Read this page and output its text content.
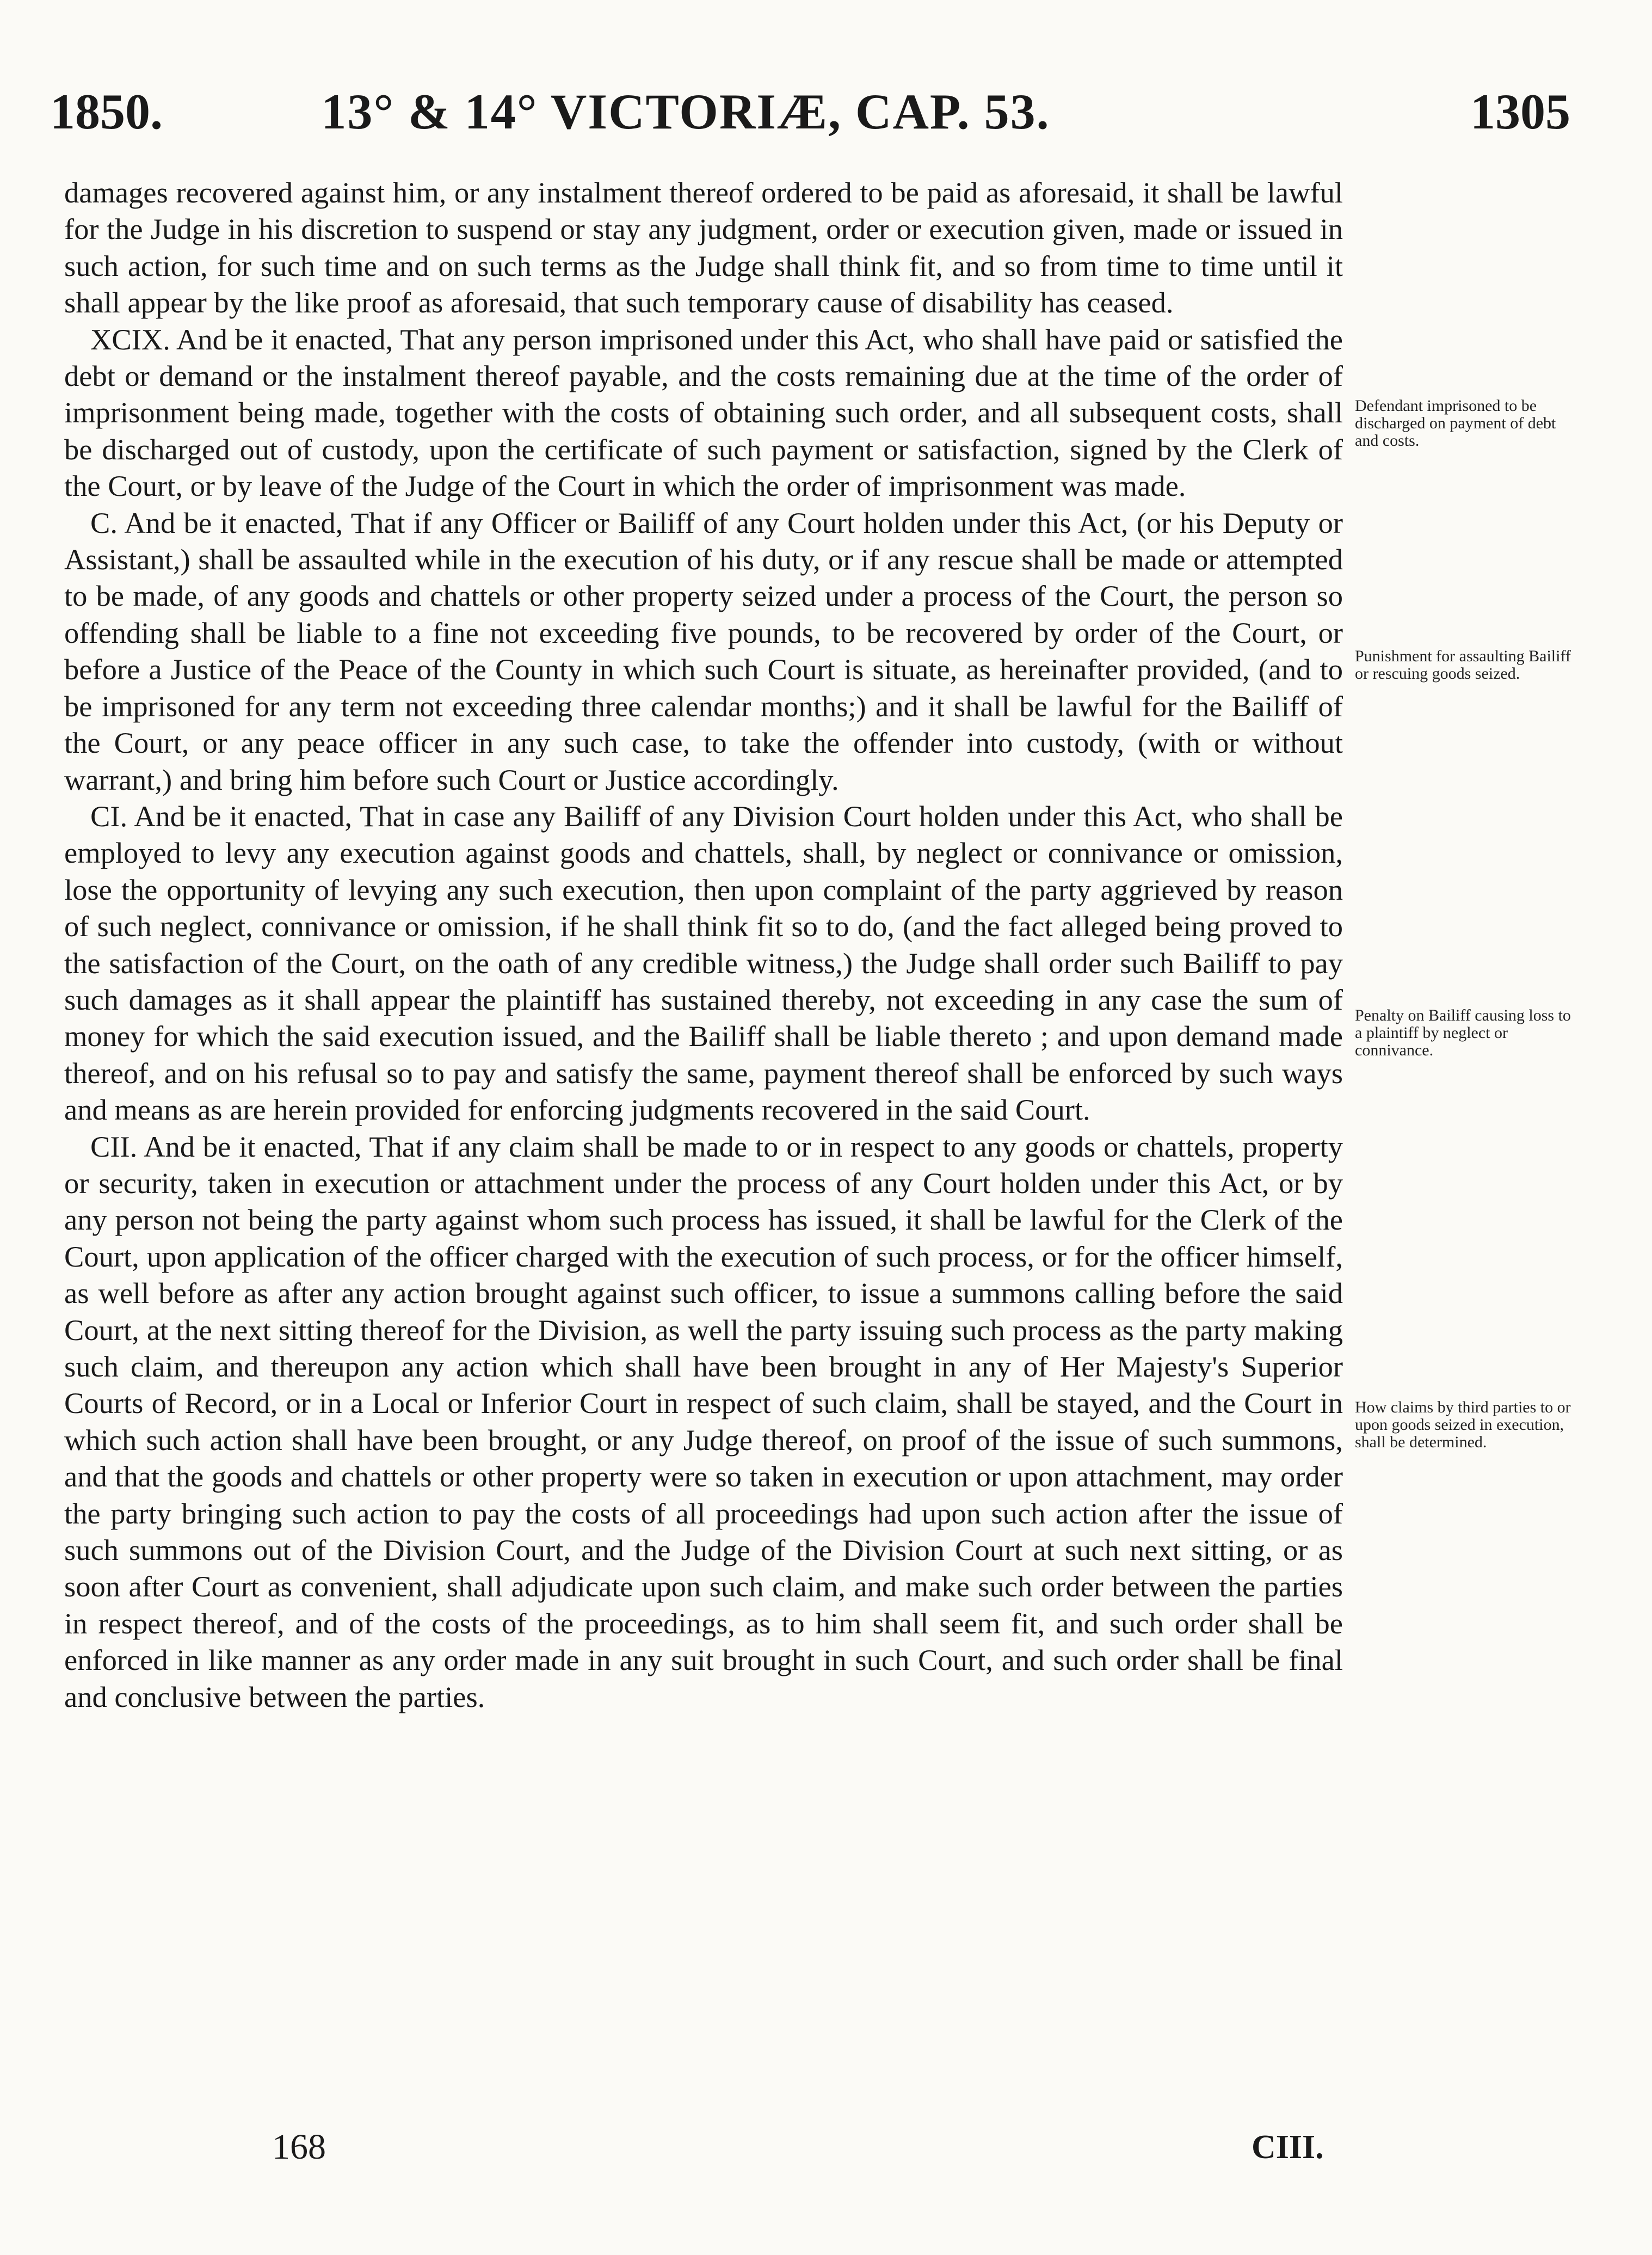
1850.	13° & 14° VICTORIÆ, CAP. 53.	1305

damages recovered against him, or any instalment thereof ordered to be paid as aforesaid, it shall be lawful for the Judge in his discretion to suspend or stay any judgment, order or execution given, made or issued in such action, for such time and on such terms as the Judge shall think fit, and so from time to time until it shall appear by the like proof as aforesaid, that such temporary cause of disability has ceased.

XCIX. And be it enacted, That any person imprisoned under this Act, who shall have paid or satisfied the debt or demand or the instalment thereof payable, and the costs remaining due at the time of the order of imprisonment being made, together with the costs of obtaining such order, and all subsequent costs, shall be discharged out of custody, upon the certificate of such payment or satisfaction, signed by the Clerk of the Court, or by leave of the Judge of the Court in which the order of imprisonment was made.

C. And be it enacted, That if any Officer or Bailiff of any Court holden under this Act, (or his Deputy or Assistant,) shall be assaulted while in the execution of his duty, or if any rescue shall be made or attempted to be made, of any goods and chattels or other property seized under a process of the Court, the person so offending shall be liable to a fine not exceeding five pounds, to be recovered by order of the Court, or before a Justice of the Peace of the County in which such Court is situate, as hereinafter provided, (and to be imprisoned for any term not exceeding three calendar months;) and it shall be lawful for the Bailiff of the Court, or any peace officer in any such case, to take the offender into custody, (with or without warrant,) and bring him before such Court or Justice accordingly.

CI. And be it enacted, That in case any Bailiff of any Division Court holden under this Act, who shall be employed to levy any execution against goods and chattels, shall, by neglect or connivance or omission, lose the opportunity of levying any such execution, then upon complaint of the party aggrieved by reason of such neglect, connivance or omission, if he shall think fit so to do, (and the fact alleged being proved to the satisfaction of the Court, on the oath of any credible witness,) the Judge shall order such Bailiff to pay such damages as it shall appear the plaintiff has sustained thereby, not exceeding in any case the sum of money for which the said execution issued, and the Bailiff shall be liable thereto ; and upon demand made thereof, and on his refusal so to pay and satisfy the same, payment thereof shall be enforced by such ways and means as are herein provided for enforcing judgments recovered in the said Court.

CII. And be it enacted, That if any claim shall be made to or in respect to any goods or chattels, property or security, taken in execution or attachment under the process of any Court holden under this Act, or by any person not being the party against whom such process has issued, it shall be lawful for the Clerk of the Court, upon application of the officer charged with the execution of such process, or for the officer himself, as well before as after any action brought against such officer, to issue a summons calling before the said Court, at the next sitting thereof for the Division, as well the party issuing such process as the party making such claim, and thereupon any action which shall have been brought in any of Her Majesty's Superior Courts of Record, or in a Local or Inferior Court in respect of such claim, shall be stayed, and the Court in which such action shall have been brought, or any Judge thereof, on proof of the issue of such summons, and that the goods and chattels or other property were so taken in execution or upon attachment, may order the party bringing such action to pay the costs of all proceedings had upon such action after the issue of such summons out of the Division Court, and the Judge of the Division Court at such next sitting, or as soon after Court as convenient, shall adjudicate upon such claim, and make such order between the parties in respect thereof, and of the costs of the proceedings, as to him shall seem fit, and such order shall be enforced in like manner as any order made in any suit brought in such Court, and such order shall be final and conclusive between the parties.

Defendant imprisoned to be discharged on payment of debt and costs.
Punishment for assaulting Bailiff or rescuing goods seized.
Penalty on Bailiff causing loss to a plaintiff by neglect or connivance.
How claims by third parties to or upon goods seized in execution, shall be determined.
168	CIII.
